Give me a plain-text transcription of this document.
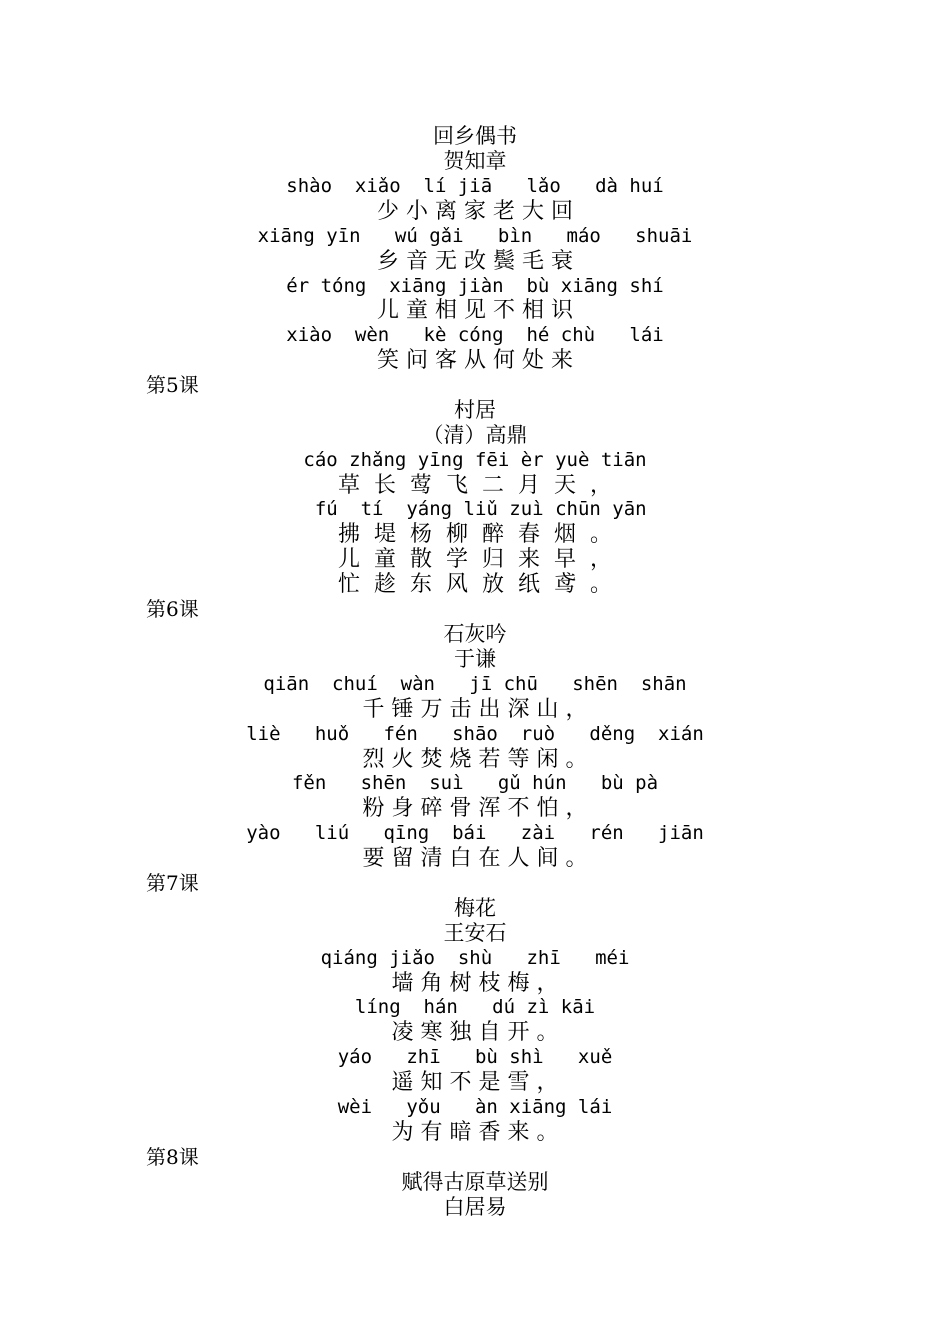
回乡偶书
贺知章
shào  xiǎo  lí jiā   lǎo   dà huí
少 小 离 家 老 大 回
xiāng yīn   wú gǎi   bìn   máo   shuāi
乡 音 无 改 鬓 毛 衰
ér tóng  xiāng jiàn  bù xiāng shí
儿 童 相 见 不 相 识
xiào  wèn   kè cóng  hé chù   lái
笑 问 客 从 何 处 来
第5课
村居
（清）高鼎
cáo zhǎng yīng fēi èr yuè tiān
草  长  莺  飞  二  月  天  ，
fú  tí  yáng liǔ zuì chūn yān
拂  堤  杨  柳  醉  春  烟  。
儿  童  散  学  归  来  早  ，
忙  趁  东  风  放  纸  鸢  。
第6课
石灰吟
于谦
qiān  chuí  wàn   jī chū   shēn  shān
千 锤 万 击 出 深 山 ，
liè   huǒ   fén   shāo  ruò   děng  xián
烈 火 焚 烧 若 等 闲 。
fěn   shēn  suì   gǔ hún   bù pà
粉 身 碎 骨 浑 不 怕 ，
yào   liú   qīng  bái   zài   rén   jiān
要 留 清 白 在 人 间 。
第7课
梅花
王安石
qiáng jiǎo  shù   zhī   méi
墙 角 树 枝 梅 ，
líng  hán   dú zì kāi
凌 寒 独 自 开 。
yáo   zhī   bù shì   xuě
遥 知 不 是 雪 ，
wèi   yǒu   àn xiāng lái
为 有 暗 香 来 。
第8课
赋得古原草送别
白居易
